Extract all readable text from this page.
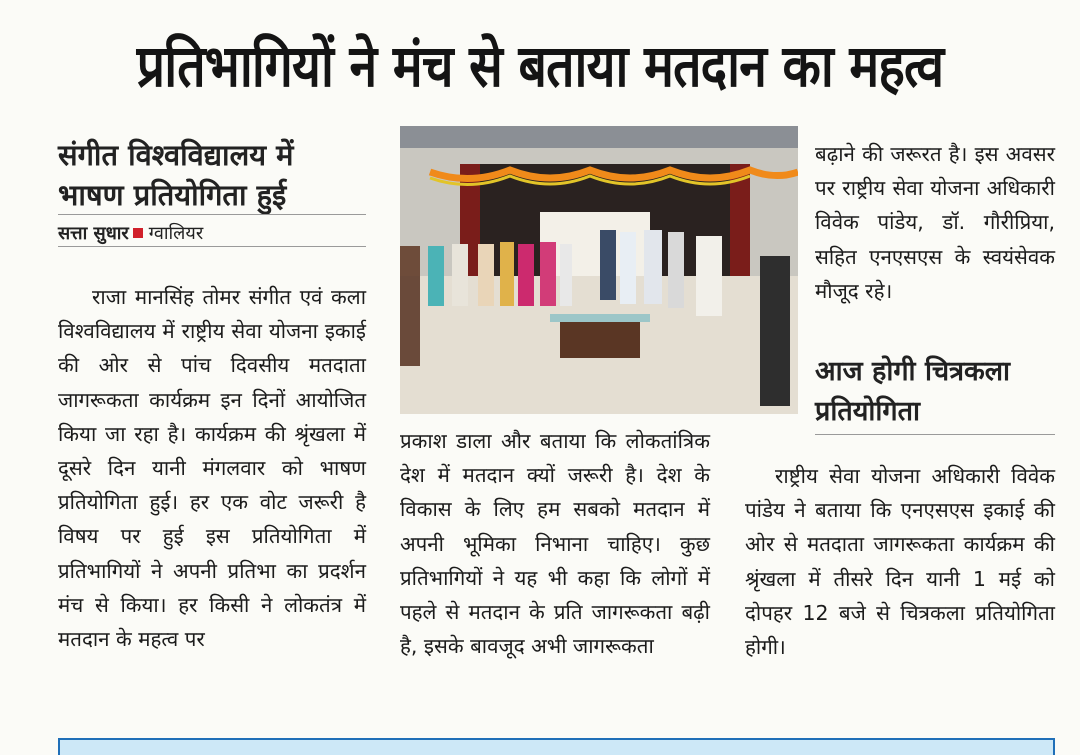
प्रतिभागियों ने मंच से बताया मतदान का महत्व
संगीत विश्वविद्यालय में भाषण प्रतियोगिता हुई
सत्ता सुधार ग्वालियर

राजा मानसिंह तोमर संगीत एवं कला विश्वविद्यालय में राष्ट्रीय सेवा योजना इकाई की ओर से पांच दिवसीय मतदाता जागरूकता कार्यक्रम इन दिनों आयोजित किया जा रहा है। कार्यक्रम की श्रृंखला में दूसरे दिन यानी मंगलवार को भाषण प्रतियोगिता हुई। हर एक वोट जरूरी है विषय पर हुई इस प्रतियोगिता में प्रतिभागियों ने अपनी प्रतिभा का प्रदर्शन मंच से किया। हर किसी ने लोकतंत्र में मतदान के महत्व पर

प्रकाश डाला और बताया कि लोकतांत्रिक देश में मतदान क्यों जरूरी है। देश के विकास के लिए हम सबको मतदान में अपनी भूमिका निभाना चाहिए। कुछ प्रतिभागियों ने यह भी कहा कि लोगों में पहले से मतदान के प्रति जागरूकता बढ़ी है, इसके बावजूद अभी जागरूकता

बढ़ाने की जरूरत है। इस अवसर पर राष्ट्रीय सेवा योजना अधिकारी विवेक पांडेय, डॉ. गौरीप्रिया, सहित एनएसएस के स्वयंसेवक मौजूद रहे।

आज होगी चित्रकला प्रतियोगिता

राष्ट्रीय सेवा योजना अधिकारी विवेक पांडेय ने बताया कि एनएसएस इकाई की ओर से मतदाता जागरूकता कार्यक्रम की श्रृंखला में तीसरे दिन यानी 1 मई को दोपहर 12 बजे से चित्रकला प्रतियोगिता होगी।
